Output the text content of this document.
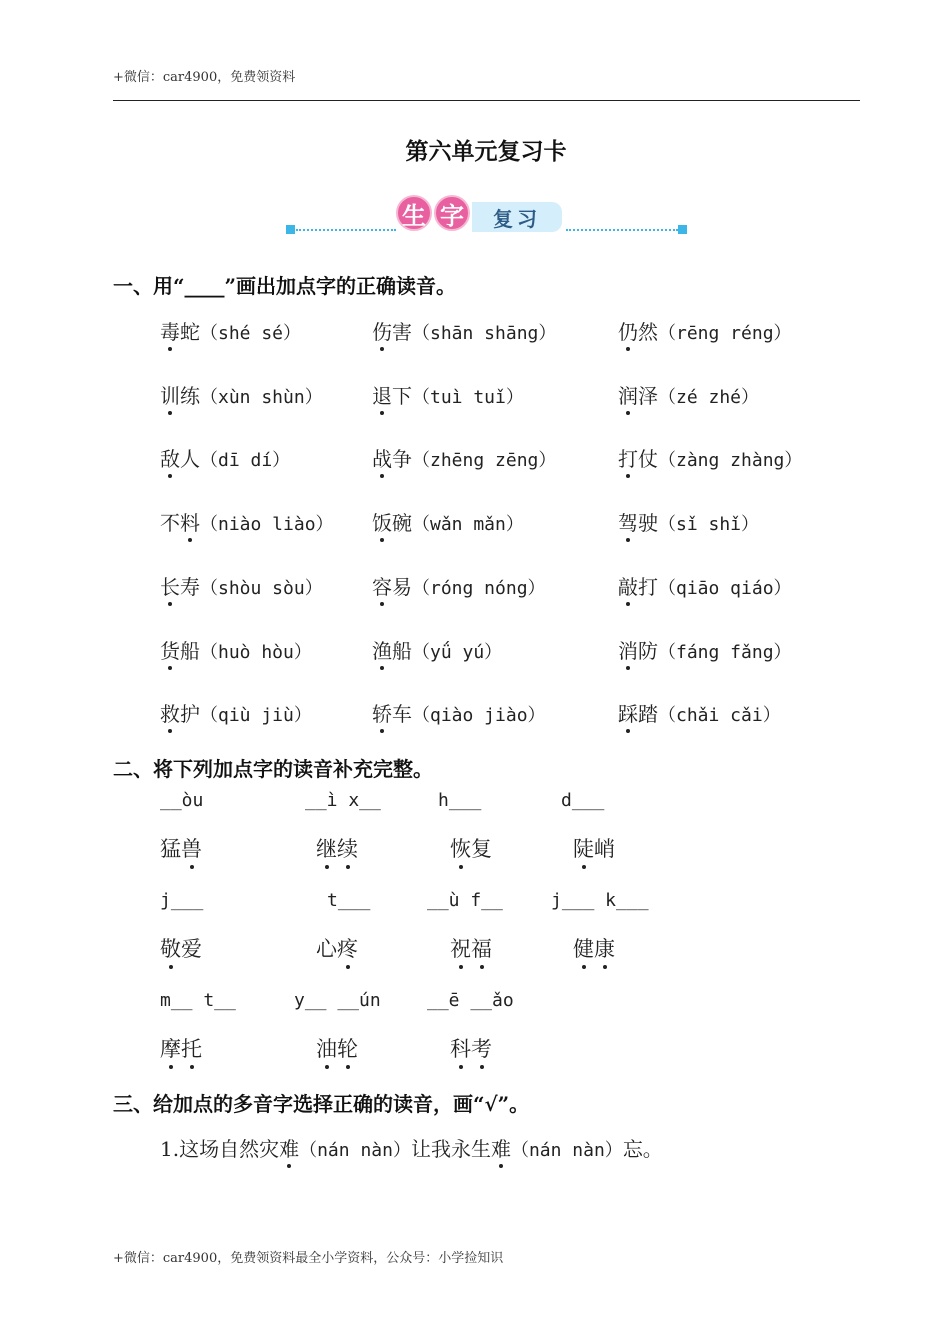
+微信：car4900，免费领资料
第六单元复习卡
生 字	复习
一、用“____”画出加点字的正确读音。
毒蛇（shé sé）	伤害（shān shāng）	仍然（rēng réng）
训练（xùn shùn） 退下（tuì tuǐ）	润泽（zé zhé）
敌人（dī dí）	战争（zhēng zēng）	打仗（zàng zhàng）
不料（niào liào） 饭碗（wǎn mǎn）	驾驶（sǐ shǐ）
长寿（shòu sòu） 容易（róng nóng）	敲打（qiāo qiáo）
货船（huò hòu）	渔船（yǘ yú）	消防（fáng fǎng）
救护（qiù jiù）	轿车（qiào jiào）	踩踏（chǎi cǎi）
二、将下列加点字的读音补充完整。
__òu	__ì x__	h___	d___
猛兽	继续	恢复	陡峭
j___	t___	__ù f__	j___ k___
敬爱	心疼	祝福	健康
m__ t__	y__ __ún	__ē __ǎo
摩托	油轮	科考
三、给加点的多音字选择正确的读音，画“√”。
1.这场自然灾难（nán nàn）让我永生难（nán nàn）忘。
+微信：car4900，免费领资料最全小学资料，公众号：小学捡知识
